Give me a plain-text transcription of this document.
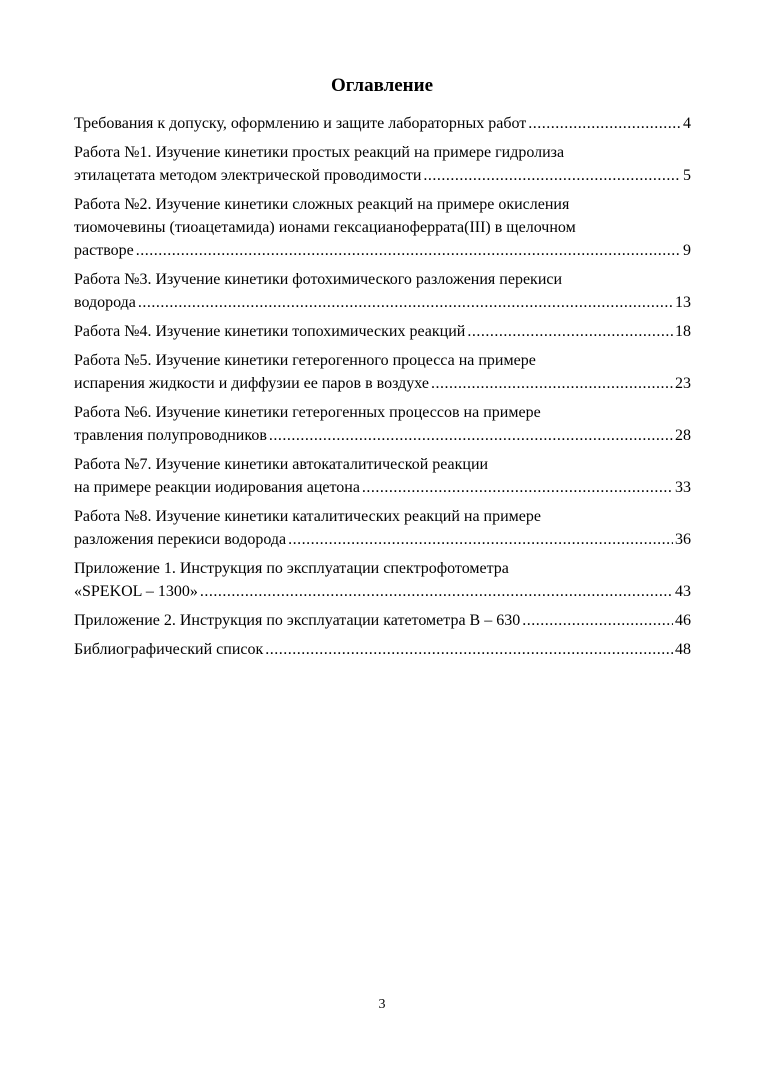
Оглавление
Требования к допуску, оформлению и защите лабораторных работ .....	4
Работа №1. Изучение кинетики простых реакций на примере гидролиза
этилацетата методом электрической проводимости .....	5
Работа №2. Изучение кинетики сложных реакций на примере окисления
тиомочевины (тиоацетамида) ионами гексацианоферрата(III) в щелочном
растворе .....	9
Работа №3. Изучение кинетики фотохимического разложения перекиси
водорода .....	13
Работа №4. Изучение кинетики топохимических реакций .....	18
Работа №5. Изучение кинетики гетерогенного процесса на примере
испарения жидкости и диффузии ее паров в воздухе .....	23
Работа №6. Изучение кинетики гетерогенных процессов на примере
травления полупроводников .....	28
Работа №7. Изучение кинетики автокаталитической реакции
на примере реакции иодирования ацетона .....	33
Работа №8. Изучение кинетики каталитических реакций на примере
разложения перекиси водорода .....	36
Приложение 1. Инструкция по эксплуатации спектрофотометра
«SPEKOL – 1300» .....	43
Приложение 2. Инструкция по эксплуатации катетометра В – 630 .....	46
Библиографический список .....	48
3
